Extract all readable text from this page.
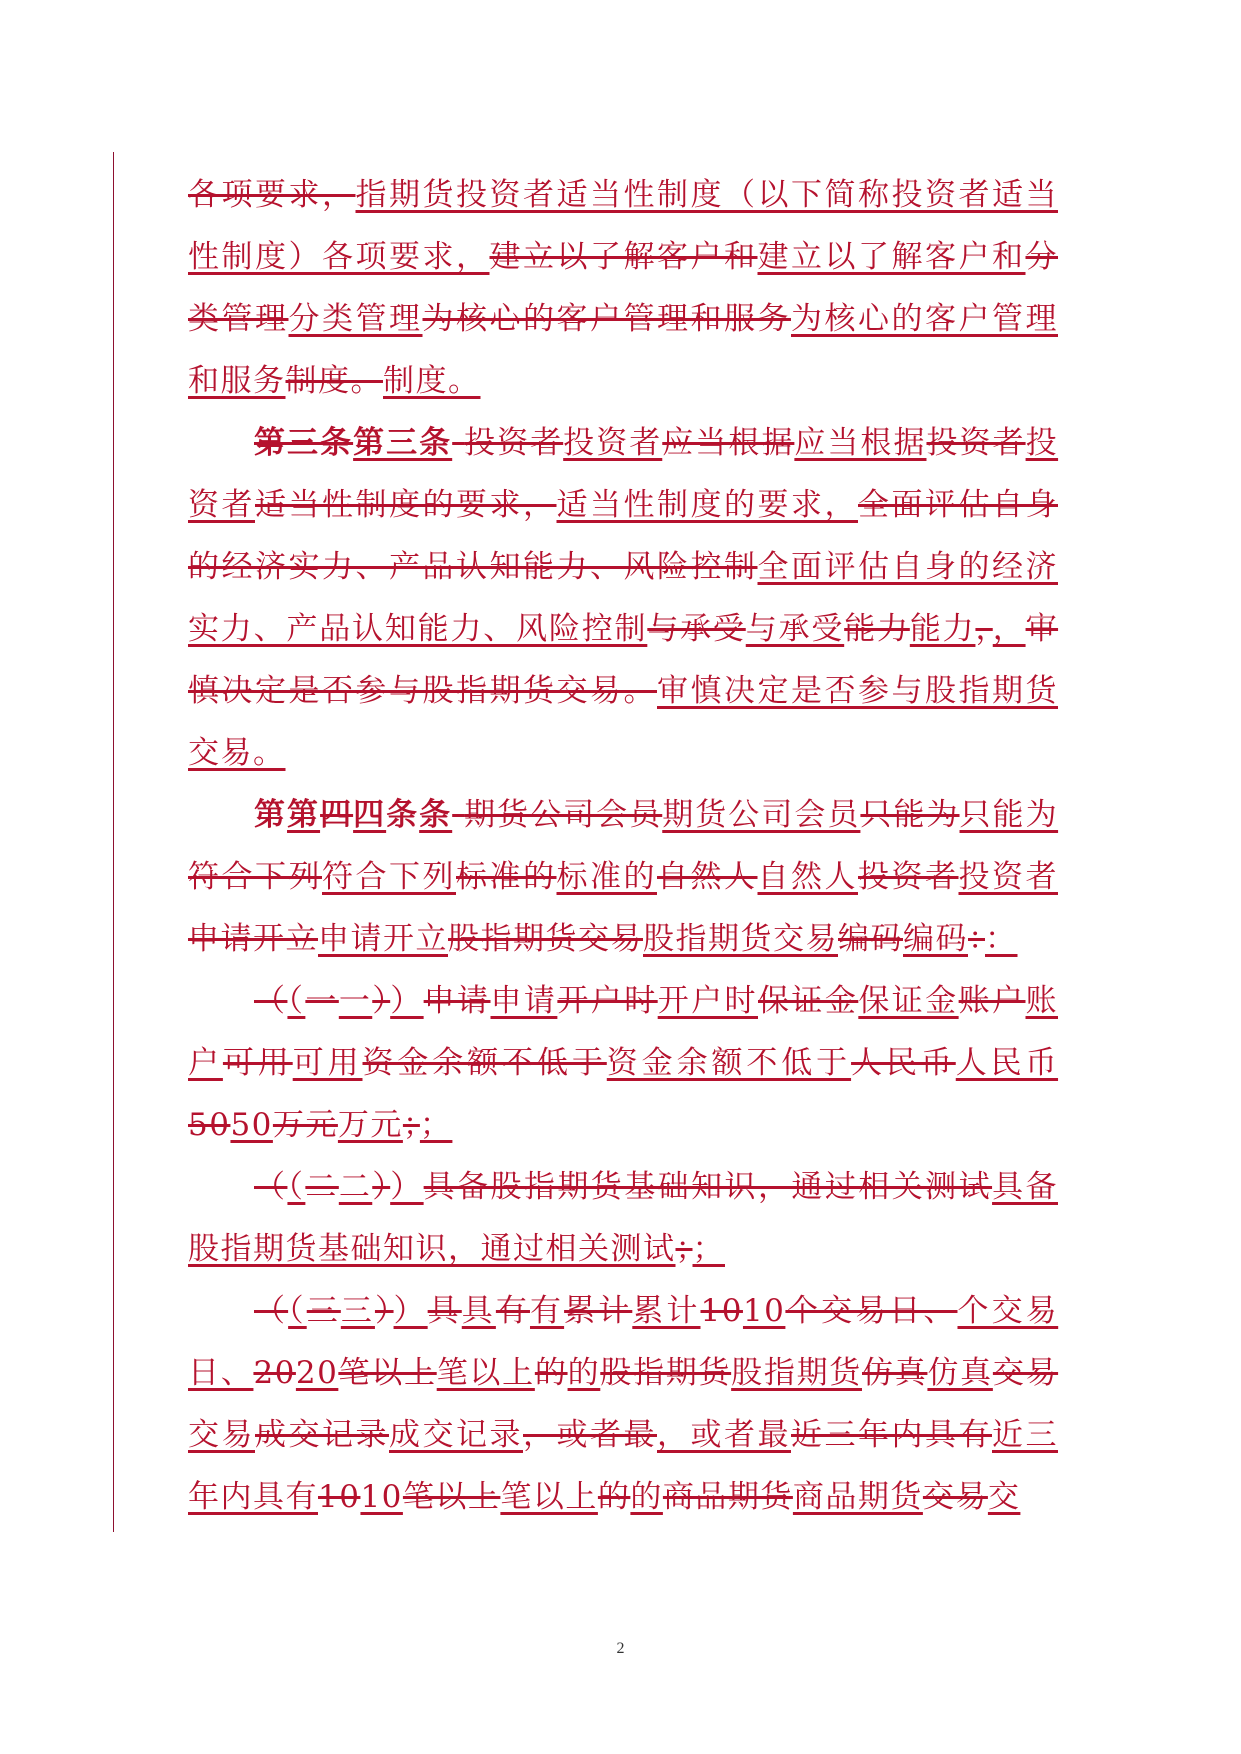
各项要求，指期货投资者适当性制度（以下简称投资者适当性制度）各项要求，建立以了解客户和建立以了解客户和分类管理分类管理为核心的客户管理和服务为核心的客户管理和服务制度。制度。

第三条第三条 投资者投资者应当根据应当根据投资者投资者适当性制度的要求，适当性制度的要求，全面评估自身的经济实力、产品认知能力、风险控制全面评估自身的经济实力、产品认知能力、风险控制与承受与承受能力能力，，审慎决定是否参与股指期货交易。审慎决定是否参与股指期货交易。

第第四四条条 期货公司会员期货公司会员只能为只能为符合下列符合下列标准的标准的自然人自然人投资者投资者申请开立申请开立股指期货交易股指期货交易编码编码：：

（（一一））申请申请开户时开户时保证金保证金账户账户可用可用资金余额不低于资金余额不低于人民币人民币5050万元万元；；

（（二二））具备股指期货基础知识，通过相关测试具备股指期货基础知识，通过相关测试；；

（（三三））具具有有累计累计1010个交易日、个交易日、2020笔以上笔以上的的股指期货股指期货仿真仿真交易交易成交记录成交记录，或者最，或者最近三年内具有近三年内具有1010笔以上笔以上的的商品期货商品期货交易交

2
